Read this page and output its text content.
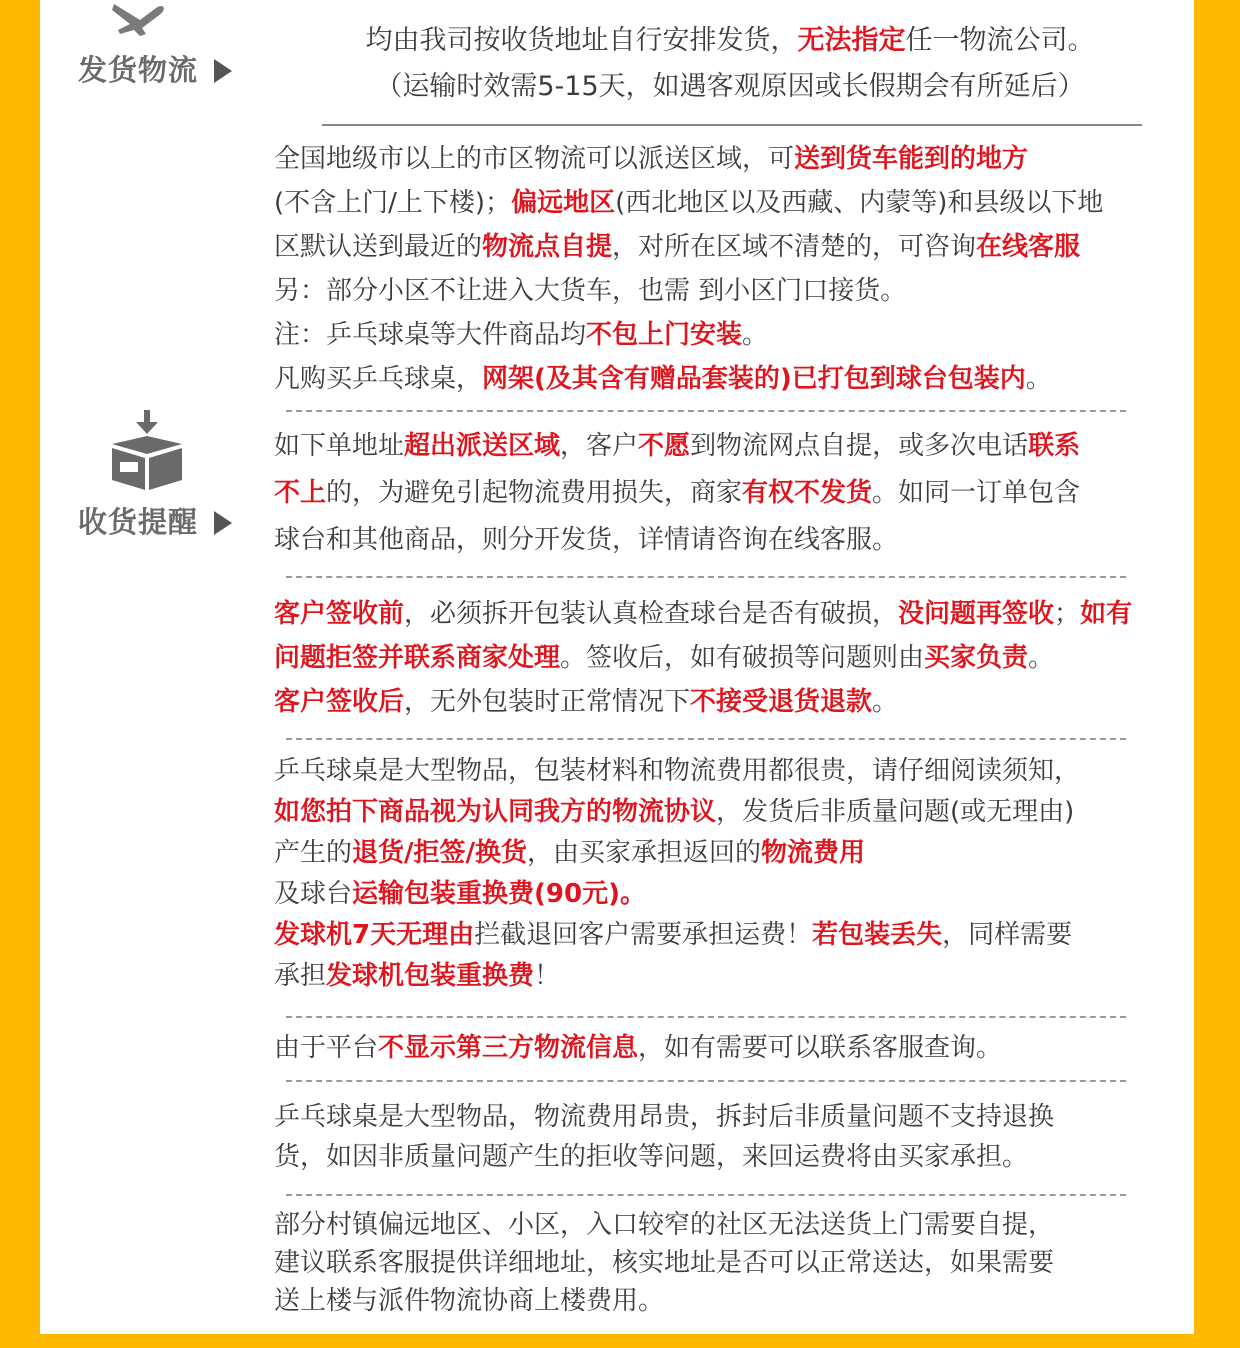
发货物流
收货提醒
均由我司按收货地址自行安排发货，无法指定任一物流公司。
（运输时效需5-15天，如遇客观原因或长假期会有所延后）
全国地级市以上的市区物流可以派送区域，可送到货车能到的地方
(不含上门/上下楼)；偏远地区(西北地区以及西藏、内蒙等)和县级以下地
区默认送到最近的物流点自提，对所在区域不清楚的，可咨询在线客服
另：部分小区不让进入大货车，也需 到小区门口接货。
注：乒乓球桌等大件商品均不包上门安装。
凡购买乒乓球桌，网架(及其含有赠品套装的)已打包到球台包装内。
如下单地址超出派送区域，客户不愿到物流网点自提，或多次电话联系
不上的，为避免引起物流费用损失，商家有权不发货。如同一订单包含
球台和其他商品，则分开发货，详情请咨询在线客服。
客户签收前，必须拆开包装认真检查球台是否有破损，没问题再签收；如有
问题拒签并联系商家处理。签收后，如有破损等问题则由买家负责。
客户签收后，无外包装时正常情况下不接受退货退款。
乒乓球桌是大型物品，包装材料和物流费用都很贵，请仔细阅读须知，
如您拍下商品视为认同我方的物流协议，发货后非质量问题(或无理由)
产生的退货/拒签/换货，由买家承担返回的物流费用
及球台运输包装重换费(90元)。
发球机7天无理由拦截退回客户需要承担运费！若包装丢失，同样需要
承担发球机包装重换费！
由于平台不显示第三方物流信息，如有需要可以联系客服查询。
乒乓球桌是大型物品，物流费用昂贵，拆封后非质量问题不支持退换
货，如因非质量问题产生的拒收等问题，来回运费将由买家承担。
部分村镇偏远地区、小区，入口较窄的社区无法送货上门需要自提，
建议联系客服提供详细地址，核实地址是否可以正常送达，如果需要
送上楼与派件物流协商上楼费用。
